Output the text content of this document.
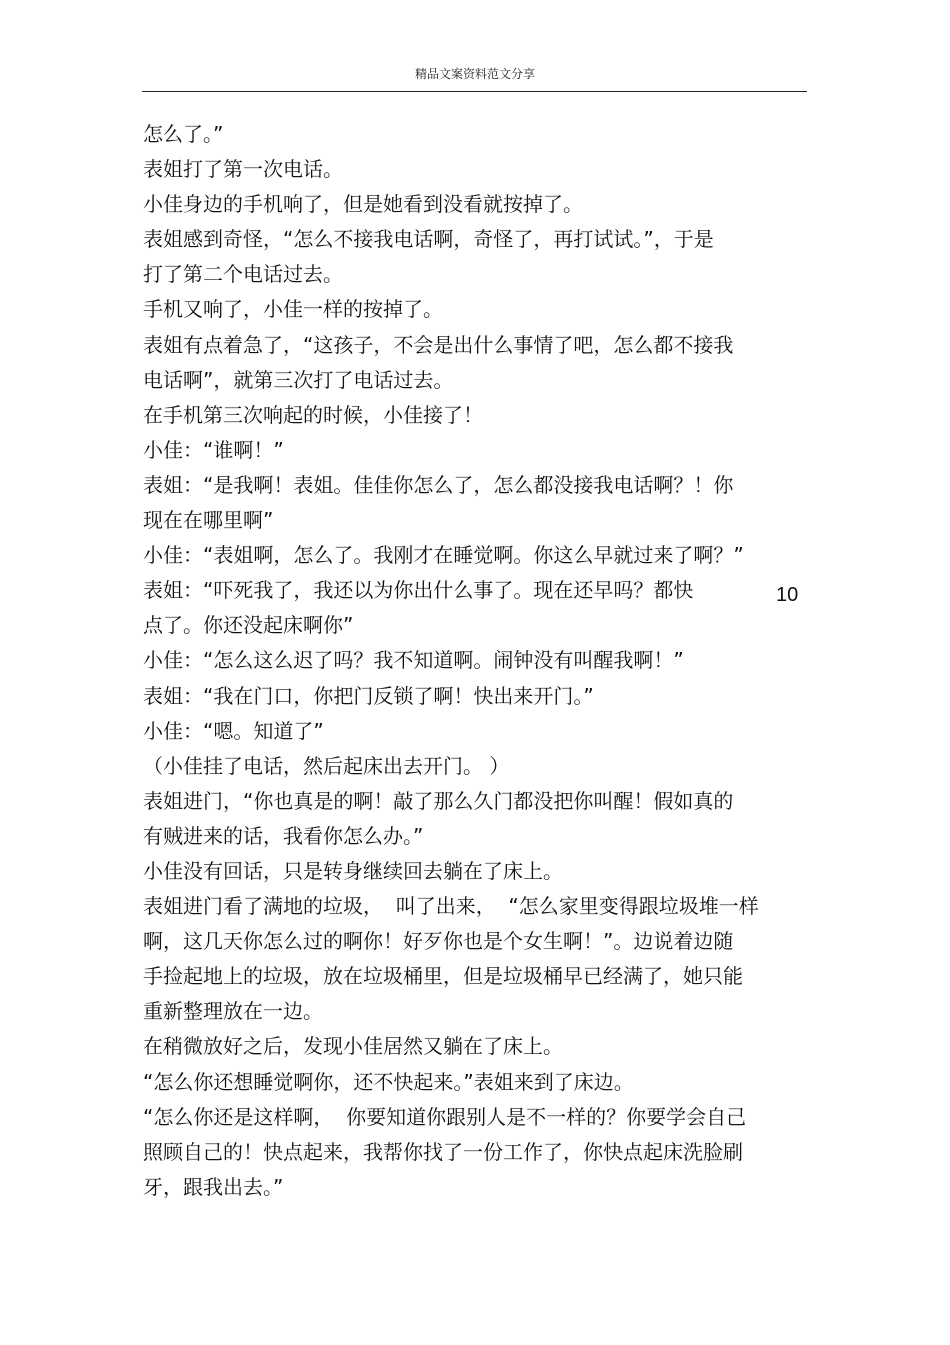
精品文案资料范文分享
怎么了。”
表姐打了第一次电话。
小佳身边的手机响了，但是她看到没看就按掉了。
表姐感到奇怪，“怎么不接我电话啊，奇怪了，再打试试。”，于是
打了第二个电话过去。
手机又响了，小佳一样的按掉了。
表姐有点着急了，“这孩子，不会是出什么事情了吧，怎么都不接我
电话啊”，就第三次打了电话过去。
在手机第三次响起的时候，小佳接了！
小佳：“谁啊！”
表姐：“是我啊！表姐。佳佳你怎么了，怎么都没接我电话啊？！你
现在在哪里啊”
小佳：“表姐啊，怎么了。我刚才在睡觉啊。你这么早就过来了啊？”
表姐：“吓死我了，我还以为你出什么事了。现在还早吗？都快
点了。你还没起床啊你”
小佳：“怎么这么迟了吗？我不知道啊。闹钟没有叫醒我啊！”
表姐：“我在门口，你把门反锁了啊！快出来开门。”
小佳：“嗯。知道了”
（小佳挂了电话，然后起床出去开门。 ）
表姐进门，“你也真是的啊！敲了那么久门都没把你叫醒！假如真的
有贼进来的话，我看你怎么办。”
小佳没有回话，只是转身继续回去躺在了床上。
表姐进门看了满地的垃圾，  叫了出来，  “怎么家里变得跟垃圾堆一样
啊，这几天你怎么过的啊你！好歹你也是个女生啊！”。边说着边随
手捡起地上的垃圾，放在垃圾桶里，但是垃圾桶早已经满了，她只能
重新整理放在一边。
在稍微放好之后，发现小佳居然又躺在了床上。
“怎么你还想睡觉啊你，还不快起来。”表姐来到了床边。
“怎么你还是这样啊，  你要知道你跟别人是不一样的？你要学会自己
照顾自己的！快点起来，我帮你找了一份工作了，你快点起床洗脸刷
牙，跟我出去。”
10
